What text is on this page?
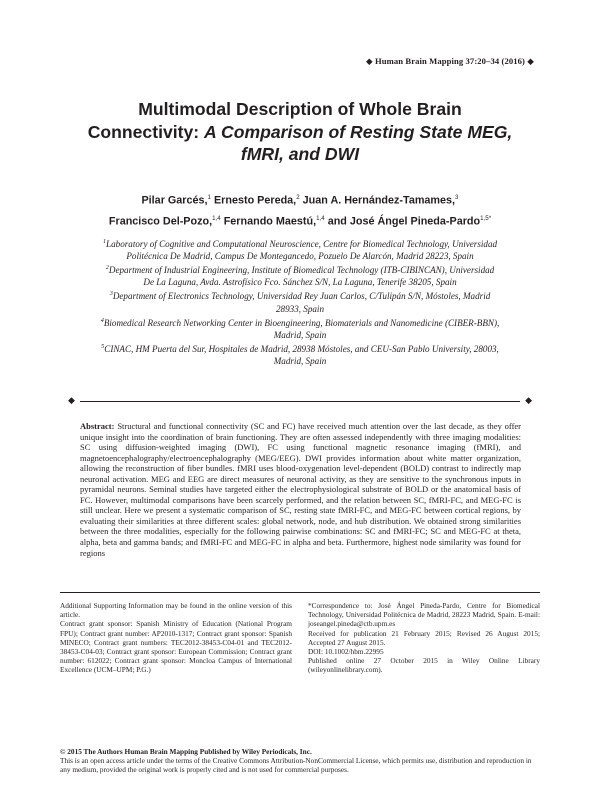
◆ Human Brain Mapping 37:20–34 (2016) ◆
Multimodal Description of Whole Brain
Connectivity: A Comparison of Resting State MEG,
fMRI, and DWI
Pilar Garcés,$^1$ Ernesto Pereda,$^2$ Juan A. Hernández-Tamames,$^3$
Francisco Del-Pozo,$^{1,4}$ Fernando Maestú,$^{1,4}$ and José Ángel Pineda-Pardo$^{1,5*}$

$^1$Laboratory of Cognitive and Computational Neuroscience, Centre for Biomedical Technology, Universidad Politécnica De Madrid, Campus De Montegancedo, Pozuelo De Alarcón, Madrid 28223, Spain

$^2$Department of Industrial Engineering, Institute of Biomedical Technology (ITB-CIBINCAN), Universidad De La Laguna, Avda. Astrofísico Fco. Sánchez S/N, La Laguna, Tenerife 38205, Spain

$^3$Department of Electronics Technology, Universidad Rey Juan Carlos, C/Tulipán S/N, Móstoles, Madrid 28933, Spain

$^4$Biomedical Research Networking Center in Bioengineering, Biomaterials and Nanomedicine (CIBER-BBN), Madrid, Spain

$^5$CINAC, HM Puerta del Sur, Hospitales de Madrid, 28938 Móstoles, and CEU-San Pablo University, 28003, Madrid, Spain

◆	◆

Abstract: Structural and functional connectivity (SC and FC) have received much attention over the last decade, as they offer unique insight into the coordination of brain functioning. They are often assessed independently with three imaging modalities: SC using diffusion-weighted imaging (DWI), FC using functional magnetic resonance imaging (fMRI), and magnetoencephalography/electroencephalography (MEG/EEG). DWI provides information about white matter organization, allowing the reconstruction of fiber bundles. fMRI uses blood-oxygenation level-dependent (BOLD) contrast to indirectly map neuronal activation. MEG and EEG are direct measures of neuronal activity, as they are sensitive to the synchronous inputs in pyramidal neurons. Seminal studies have targeted either the electrophysiological substrate of BOLD or the anatomical basis of FC. However, multimodal comparisons have been scarcely performed, and the relation between SC, fMRI-FC, and MEG-FC is still unclear. Here we present a systematic comparison of SC, resting state fMRI-FC, and MEG-FC between cortical regions, by evaluating their similarities at three different scales: global network, node, and hub distribution. We obtained strong similarities between the three modalities, especially for the following pairwise combinations: SC and fMRI-FC; SC and MEG-FC at theta, alpha, beta and gamma bands; and fMRI-FC and MEG-FC in alpha and beta. Furthermore, highest node similarity was found for regions

Additional Supporting Information may be found in the online version of this article.

Contract grant sponsor: Spanish Ministry of Education (National Program FPU); Contract grant number: AP2010-1317; Contract grant sponsor: Spanish MINECO; Contract grant numbers: TEC2012-38453-C04-01 and TEC2012-38453-C04-03; Contract grant sponsor: European Commission; Contract grant number: 612022; Contract grant sponsor: Moncloa Campus of International Excellence (UCM–UPM; P.G.)

*Correspondence to: José Ángel Pineda-Pardo, Centre for Biomedical Technology, Universidad Politécnica de Madrid, 28223 Madrid, Spain. E-mail: joseangel.pineda@ctb.upm.es

Received for publication 21 February 2015; Revised 26 August 2015; Accepted 27 August 2015.

DOI: 10.1002/hbm.22995

Published online 27 October 2015 in Wiley Online Library (wileyonlinelibrary.com).

© 2015 The Authors Human Brain Mapping Published by Wiley Periodicals, Inc.

This is an open access article under the terms of the Creative Commons Attribution-NonCommercial License, which permits use, distribution and reproduction in any medium, provided the original work is properly cited and is not used for commercial purposes.
